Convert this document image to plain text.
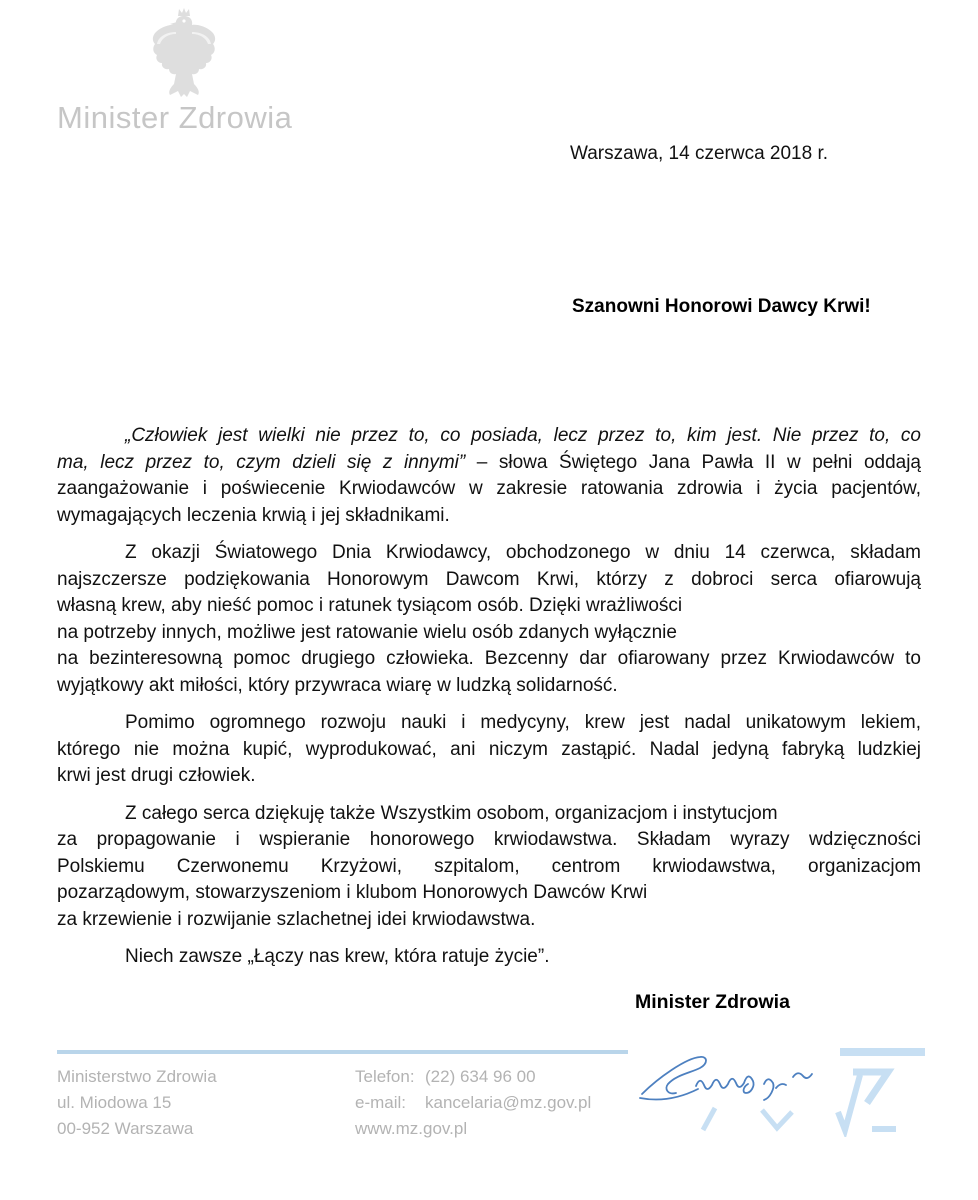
Minister Zdrowia
Warszawa, 14 czerwca 2018 r.
Szanowni Honorowi Dawcy Krwi!
„Człowiek jest wielki nie przez to, co posiada, lecz przez to, kim jest. Nie przez to, co
ma, lecz przez to, czym dzieli się z innymi” – słowa Świętego Jana Pawła II w pełni oddają
zaangażowanie i poświecenie Krwiodawców w zakresie ratowania zdrowia i życia pacjentów,
wymagających leczenia krwią i jej składnikami.
Z okazji Światowego Dnia Krwiodawcy, obchodzonego w dniu 14 czerwca, składam
najszczersze podziękowania Honorowym Dawcom Krwi, którzy z dobroci serca ofiarowują
własną krew, aby nieść pomoc i ratunek tysiącom osób. Dzięki wrażliwości
na potrzeby innych, możliwe jest ratowanie wielu osób zdanych wyłącznie
na bezinteresowną pomoc drugiego człowieka. Bezcenny dar ofiarowany przez Krwiodawców to
wyjątkowy akt miłości, który przywraca wiarę w ludzką solidarność.
Pomimo ogromnego rozwoju nauki i medycyny, krew jest nadal unikatowym lekiem,
którego nie można kupić, wyprodukować, ani niczym zastąpić. Nadal jedyną fabryką ludzkiej
krwi jest drugi człowiek.
Z całego serca dziękuję także Wszystkim osobom, organizacjom i instytucjom
za propagowanie i wspieranie honorowego krwiodawstwa. Składam wyrazy wdzięczności
Polskiemu Czerwonemu Krzyżowi, szpitalom, centrom krwiodawstwa, organizacjom
pozarządowym, stowarzyszeniom i klubom Honorowych Dawców Krwi
za krzewienie i rozwijanie szlachetnej idei krwiodawstwa.
Niech zawsze „Łączy nas krew, która ratuje życie”.
Minister Zdrowia
Ministerstwo Zdrowia
ul. Miodowa 15
00-952 Warszawa
Telefon: (22) 634 96 00
e-mail:	kancelaria@mz.gov.pl
www.mz.gov.pl
